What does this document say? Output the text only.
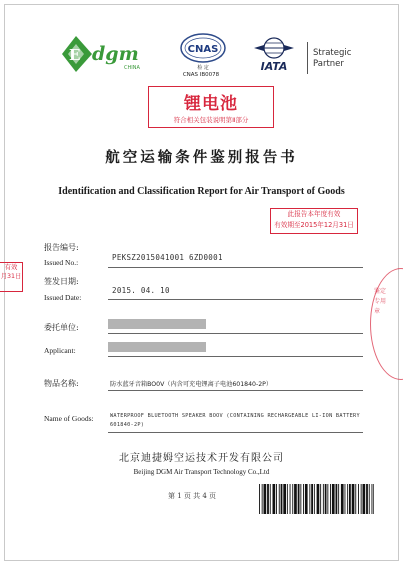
E dgm
CHINA
CNAS
检 定
CNAS IB0078
IATA
Strategic
Partner
锂电池
符合相关包装说明第Ⅱ部分
航空运输条件鉴别报告书
Identification and Classification Report for Air Transport of Goods
此报告本年度有效
有效期至2015年12月31日
有效
月31日
鉴定专用章
报告编号:
Issued No.:
PEKSZ2015041001 6ZD0001
签发日期:
Issued Date:
2015. 04. 10
委托单位:
Applicant:
物品名称:	防水蓝牙音箱BO0V（内含可充电锂离子电池601840-2P）
Name of Goods:	WATERPROOF BLUETOOTH SPEAKER BOOV (CONTAINING RECHARGEABLE LI-ION BATTERY
601840-2P)
北京迪捷姆空运技术开发有限公司
Beijing DGM Air Transport Technology Co.,Ltd
第 1 页 共 4 页
